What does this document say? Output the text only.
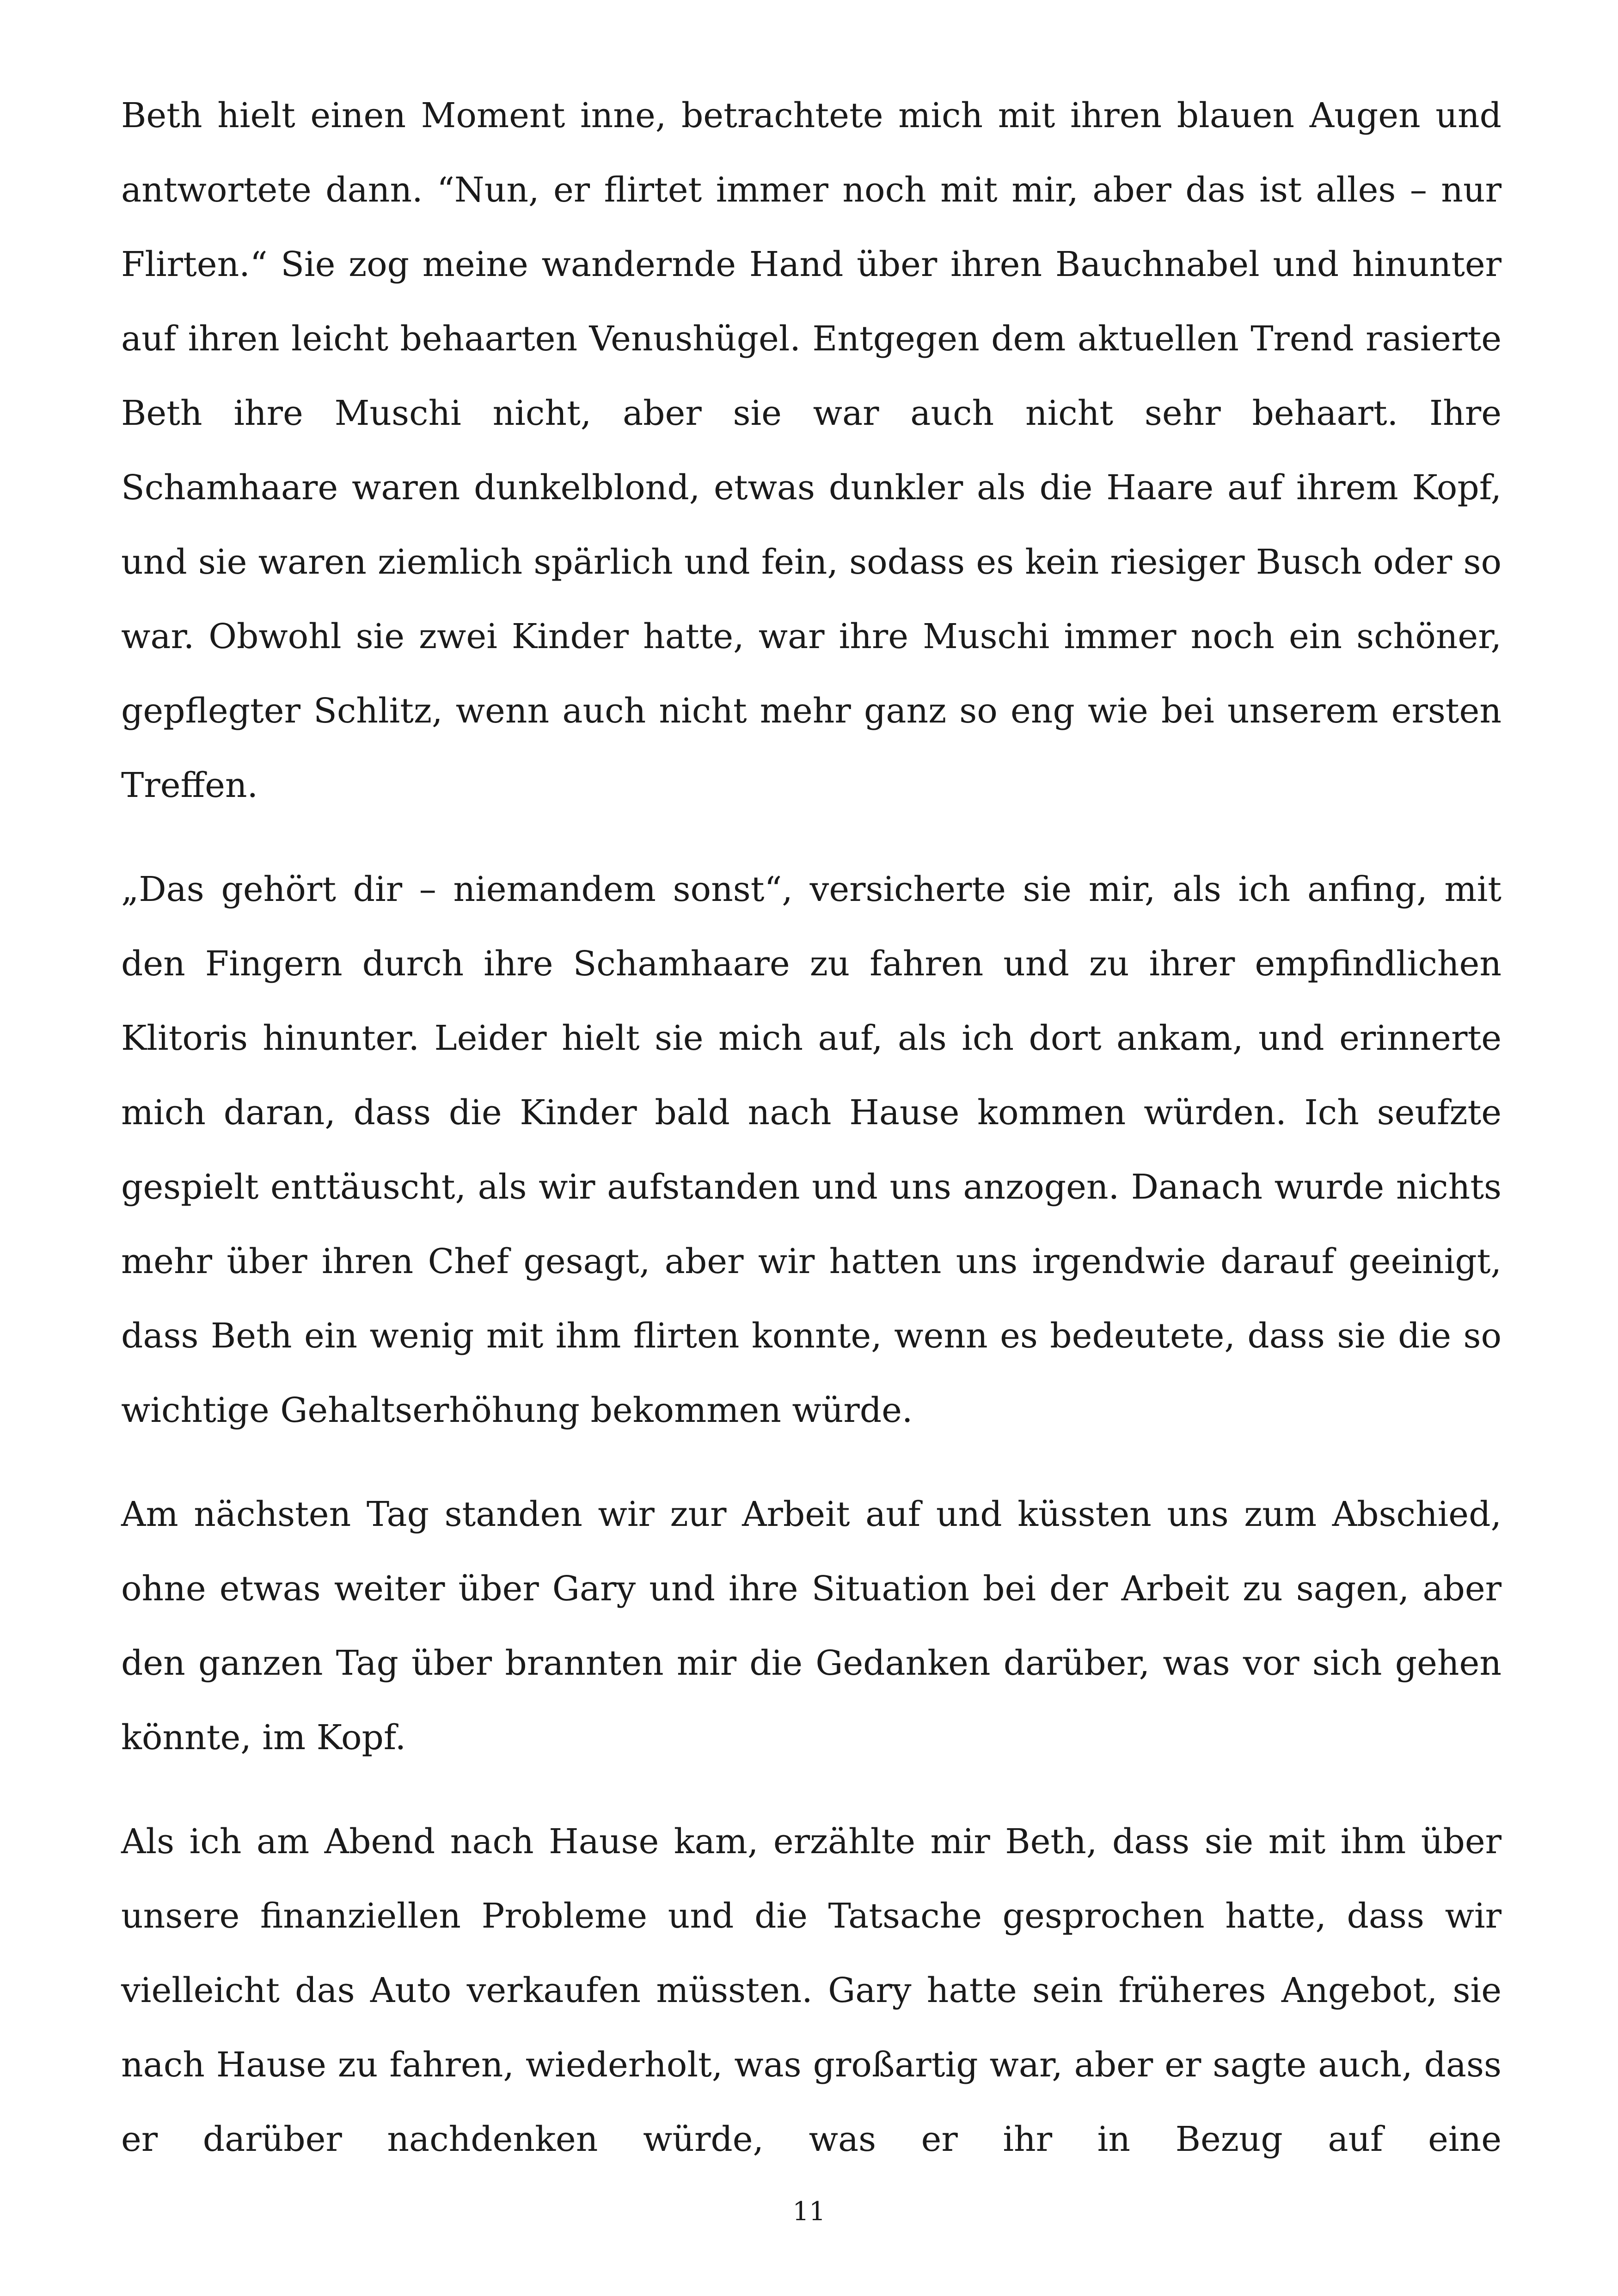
Beth hielt einen Moment inne, betrachtete mich mit ihren blauen Augen und antwortete dann. “Nun, er flirtet immer noch mit mir, aber das ist alles – nur Flirten.“ Sie zog meine wandernde Hand über ihren Bauchnabel und hinunter auf ihren leicht behaarten Venushügel. Entgegen dem aktuellen Trend rasierte Beth ihre Muschi nicht, aber sie war auch nicht sehr behaart. Ihre Schamhaare waren dunkelblond, etwas dunkler als die Haare auf ihrem Kopf, und sie waren ziemlich spärlich und fein, sodass es kein riesiger Busch oder so war. Obwohl sie zwei Kinder hatte, war ihre Muschi immer noch ein schöner, gepflegter Schlitz, wenn auch nicht mehr ganz so eng wie bei unserem ersten Treffen.

„Das gehört dir – niemandem sonst“, versicherte sie mir, als ich anfing, mit den Fingern durch ihre Schamhaare zu fahren und zu ihrer empfindlichen Klitoris hinunter. Leider hielt sie mich auf, als ich dort ankam, und erinnerte mich daran, dass die Kinder bald nach Hause kommen würden. Ich seufzte gespielt enttäuscht, als wir aufstanden und uns anzogen. Danach wurde nichts mehr über ihren Chef gesagt, aber wir hatten uns irgendwie darauf geeinigt, dass Beth ein wenig mit ihm flirten konnte, wenn es bedeutete, dass sie die so wichtige Gehaltserhöhung bekommen würde.

Am nächsten Tag standen wir zur Arbeit auf und küssten uns zum Abschied, ohne etwas weiter über Gary und ihre Situation bei der Arbeit zu sagen, aber den ganzen Tag über brannten mir die Gedanken darüber, was vor sich gehen könnte, im Kopf.

Als ich am Abend nach Hause kam, erzählte mir Beth, dass sie mit ihm über unsere finanziellen Probleme und die Tatsache gesprochen hatte, dass wir vielleicht das Auto verkaufen müssten. Gary hatte sein früheres Angebot, sie nach Hause zu fahren, wiederholt, was großartig war, aber er sagte auch, dass er darüber nachdenken würde, was er ihr in Bezug auf eine

11
